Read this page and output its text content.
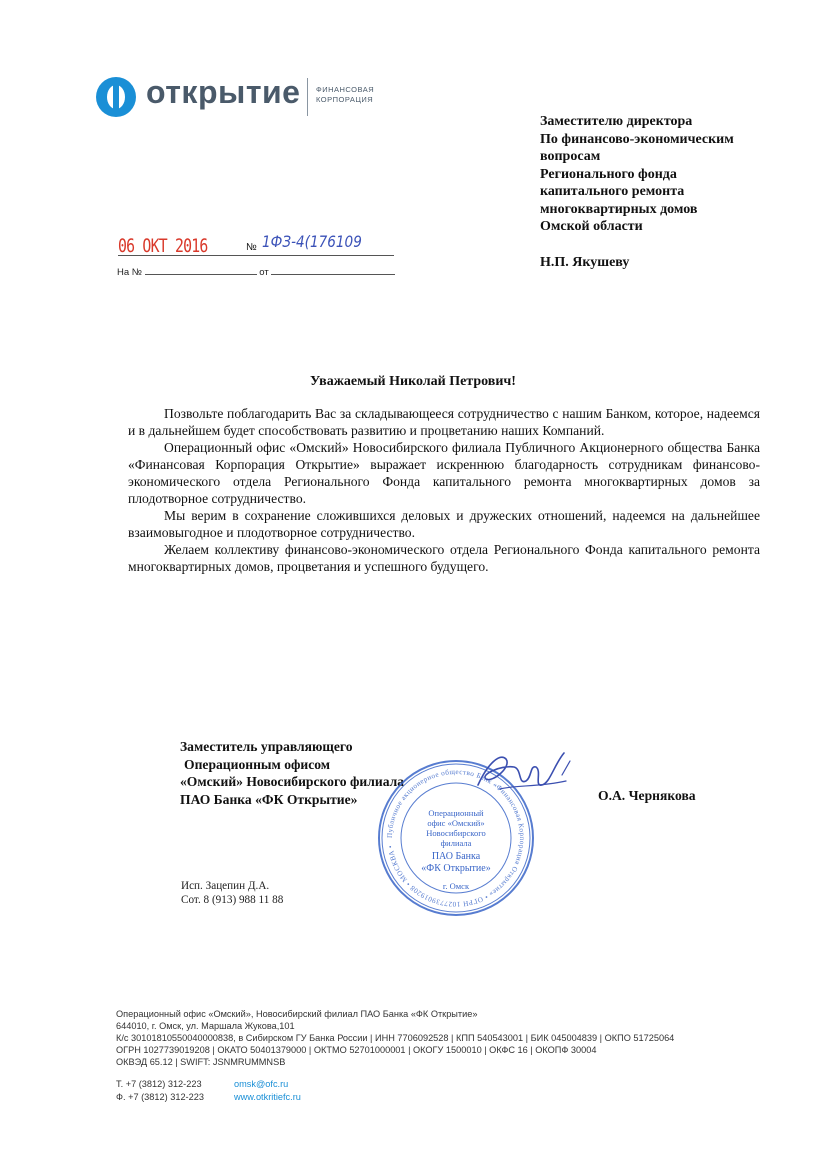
открытие ФИНАНСОВАЯ
КОРПОРАЦИЯ
Заместителю директора
По финансово-экономическим
вопросам
Регионального фонда
капитального ремонта
многоквартирных домов
Омской области
Н.П. Якушеву
06 ОКТ 2016	№ 1ФЗ-4(176109
На №	от
Уважаемый Николай Петрович!

Позвольте поблагодарить Вас за складывающееся сотрудничество с нашим Банком, которое, надеемся и в дальнейшем будет способствовать развитию и процветанию наших Компаний.

Операционный офис «Омский» Новосибирского филиала Публичного Акционерного общества Банка «Финансовая Корпорация Открытие» выражает искреннюю благодарность сотрудникам финансово-экономического отдела Регионального Фонда капитального ремонта многоквартирных домов за плодотворное сотрудничество.

Мы верим в сохранение сложившихся деловых и дружеских отношений, надеемся на дальнейшее взаимовыгодное и плодотворное сотрудничество.

Желаем коллективу финансово-экономического отдела Регионального Фонда капитального ремонта многоквартирных домов, процветания и успешного будущего.

Заместитель управляющего
Операционным офисом
«Омский» Новосибирского филиала
ПАО Банка «ФК Открытие»
Публичное акционерное общество Банк «Финансовая Корпорация Открытие» • ОГРН 1027739019208 • МОСКВА •
Операционный
офис «Омский»
Новосибирского филиала
ПАО Банка
«ФК Открытие»
г. Омск
О.А. Чернякова
Исп. Зацепин Д.А.
Сот. 8 (913) 988 11 88
Операционный офис «Омский», Новосибирский филиал ПАО Банка «ФК Открытие»
644010, г. Омск, ул. Маршала Жукова,101
К/с 30101810550040000838, в Сибирском ГУ Банка России | ИНН 7706092528 | КПП 540543001 | БИК 045004839 | ОКПО 51725064
ОГРН 1027739019208 | ОКАТО 50401379000 | ОКТМО 52701000001 | ОКОГУ 1500010 | ОКФС 16 | ОКОПФ 30004
ОКВЭД 65.12 | SWIFT: JSNMRUMMNSB
Т. +7 (3812) 312-223	omsk@ofc.ru
Ф. +7 (3812) 312-223	www.otkritiefc.ru
